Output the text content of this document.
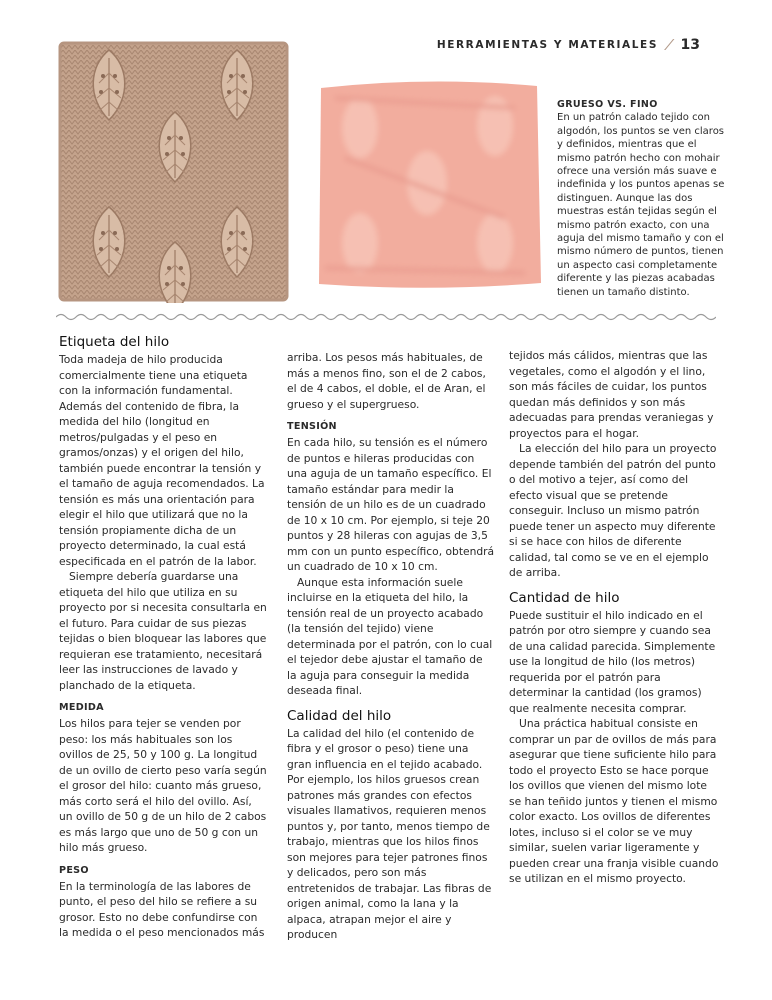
HERRAMIENTAS Y MATERIALES ⁄ 13
GRUESO VS. FINO
En un patrón calado tejido con algodón, los puntos se ven claros y definidos, mientras que el mismo patrón hecho con mohair ofrece una versión más suave e indefinida y los puntos apenas se distinguen. Aunque las dos muestras están tejidas según el mismo patrón exacto, con una aguja del mismo tamaño y con el mismo número de puntos, tienen un aspecto casi completamente diferente y las piezas acabadas tienen un tamaño distinto.
Etiqueta del hilo

Toda madeja de hilo producida comercialmente tiene una etiqueta con la información fundamental. Además del contenido de fibra, la medida del hilo (longitud en metros/pulgadas y el peso en gramos/onzas) y el origen del hilo, también puede encontrar la tensión y el tamaño de aguja recomendados. La tensión es más una orientación para elegir el hilo que utilizará que no la tensión propiamente dicha de un proyecto determinado, la cual está especificada en el patrón de la labor.

Siempre debería guardarse una etiqueta del hilo que utiliza en su proyecto por si necesita consultarla en el futuro. Para cuidar de sus piezas tejidas o bien bloquear las labores que requieran ese tratamiento, necesitará leer las instrucciones de lavado y planchado de la etiqueta.

MEDIDA

Los hilos para tejer se venden por peso: los más habituales son los ovillos de 25, 50 y 100 g. La longitud de un ovillo de cierto peso varía según el grosor del hilo: cuanto más grueso, más corto será el hilo del ovillo. Así, un ovillo de 50 g de un hilo de 2 cabos es más largo que uno de 50 g con un hilo más grueso.

PESO

En la terminología de las labores de punto, el peso del hilo se refiere a su grosor. Esto no debe confundirse con la medida o el peso mencionados más

arriba. Los pesos más habituales, de más a menos fino, son el de 2 cabos, el de 4 cabos, el doble, el de Aran, el grueso y el supergrueso.

TENSIÓN

En cada hilo, su tensión es el número de puntos e hileras producidas con una aguja de un tamaño específico. El tamaño estándar para medir la tensión de un hilo es de un cuadrado de 10 x 10 cm. Por ejemplo, si teje 20 puntos y 28 hileras con agujas de 3,5 mm con un punto específico, obtendrá un cuadrado de 10 x 10 cm.

Aunque esta información suele incluirse en la etiqueta del hilo, la tensión real de un proyecto acabado (la tensión del tejido) viene determinada por el patrón, con lo cual el tejedor debe ajustar el tamaño de la aguja para conseguir la medida deseada final.

Calidad del hilo

La calidad del hilo (el contenido de fibra y el grosor o peso) tiene una gran influencia en el tejido acabado. Por ejemplo, los hilos gruesos crean patrones más grandes con efectos visuales llamativos, requieren menos puntos y, por tanto, menos tiempo de trabajo, mientras que los hilos finos son mejores para tejer patrones finos y delicados, pero son más entretenidos de trabajar. Las fibras de origen animal, como la lana y la alpaca, atrapan mejor el aire y producen

tejidos más cálidos, mientras que las vegetales, como el algodón y el lino, son más fáciles de cuidar, los puntos quedan más definidos y son más adecuadas para prendas veraniegas y proyectos para el hogar.

La elección del hilo para un proyecto depende también del patrón del punto o del motivo a tejer, así como del efecto visual que se pretende conseguir. Incluso un mismo patrón puede tener un aspecto muy diferente si se hace con hilos de diferente calidad, tal como se ve en el ejemplo de arriba.

Cantidad de hilo

Puede sustituir el hilo indicado en el patrón por otro siempre y cuando sea de una calidad parecida. Simplemente use la longitud de hilo (los metros) requerida por el patrón para determinar la cantidad (los gramos) que realmente necesita comprar.

Una práctica habitual consiste en comprar un par de ovillos de más para asegurar que tiene suficiente hilo para todo el proyecto Esto se hace porque los ovillos que vienen del mismo lote se han teñido juntos y tienen el mismo color exacto. Los ovillos de diferentes lotes, incluso si el color se ve muy similar, suelen variar ligeramente y pueden crear una franja visible cuando se utilizan en el mismo proyecto.
